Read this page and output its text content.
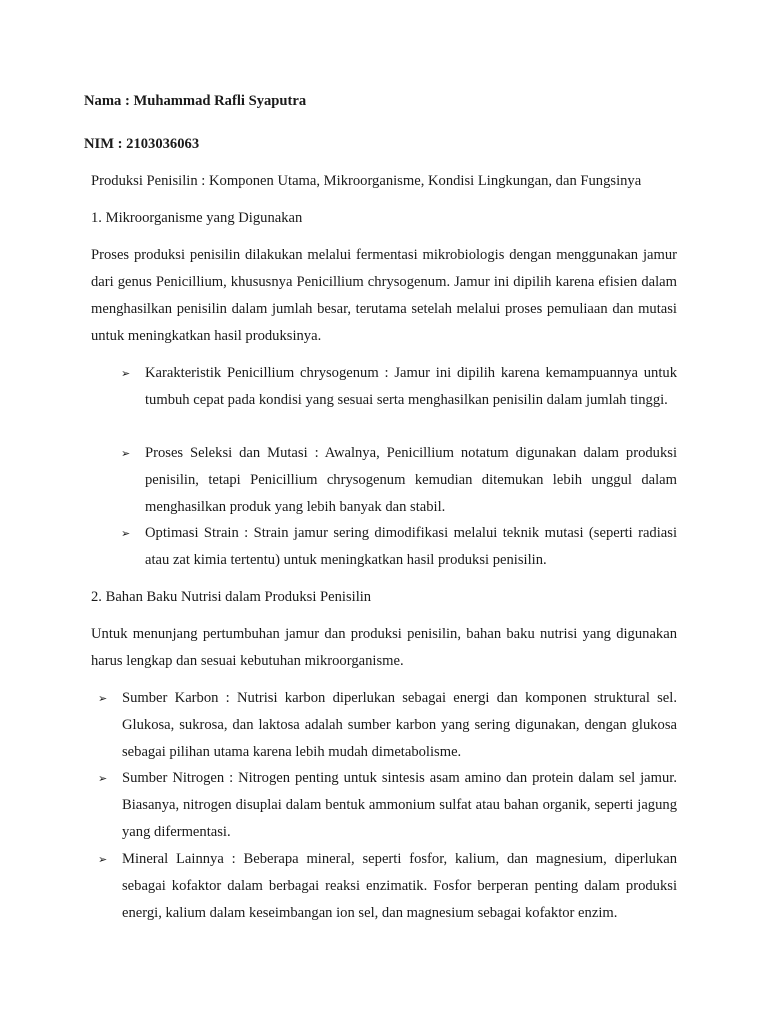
Nama : Muhammad Rafli Syaputra

NIM : 2103036063

Produksi Penisilin : Komponen Utama, Mikroorganisme, Kondisi Lingkungan, dan Fungsinya

1. Mikroorganisme yang Digunakan

Proses produksi penisilin dilakukan melalui fermentasi mikrobiologis dengan menggunakan jamur dari genus Penicillium, khususnya Penicillium chrysogenum. Jamur ini dipilih karena efisien dalam menghasilkan penisilin dalam jumlah besar, terutama setelah melalui proses pemuliaan dan mutasi untuk meningkatkan hasil produksinya.

➢	Karakteristik Penicillium chrysogenum : Jamur ini dipilih karena kemampuannya untuk tumbuh cepat pada kondisi yang sesuai serta menghasilkan penisilin dalam jumlah tinggi.

➢	Proses Seleksi dan Mutasi : Awalnya, Penicillium notatum digunakan dalam produksi penisilin, tetapi Penicillium chrysogenum kemudian ditemukan lebih unggul dalam menghasilkan produk yang lebih banyak dan stabil.

➢	Optimasi Strain : Strain jamur sering dimodifikasi melalui teknik mutasi (seperti radiasi atau zat kimia tertentu) untuk meningkatkan hasil produksi penisilin.

2. Bahan Baku Nutrisi dalam Produksi Penisilin

Untuk menunjang pertumbuhan jamur dan produksi penisilin, bahan baku nutrisi yang digunakan harus lengkap dan sesuai kebutuhan mikroorganisme.

➢	Sumber Karbon : Nutrisi karbon diperlukan sebagai energi dan komponen struktural sel. Glukosa, sukrosa, dan laktosa adalah sumber karbon yang sering digunakan, dengan glukosa sebagai pilihan utama karena lebih mudah dimetabolisme.

➢	Sumber Nitrogen : Nitrogen penting untuk sintesis asam amino dan protein dalam sel jamur. Biasanya, nitrogen disuplai dalam bentuk ammonium sulfat atau bahan organik, seperti jagung yang difermentasi.

➢	Mineral Lainnya : Beberapa mineral, seperti fosfor, kalium, dan magnesium, diperlukan sebagai kofaktor dalam berbagai reaksi enzimatik. Fosfor berperan penting dalam produksi energi, kalium dalam keseimbangan ion sel, dan magnesium sebagai kofaktor enzim.
